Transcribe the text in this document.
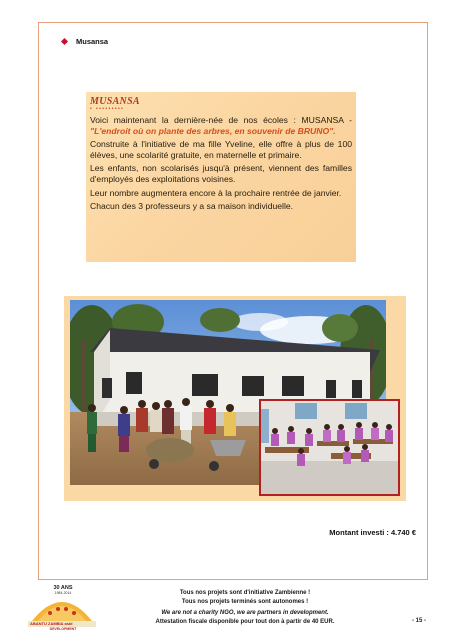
Musansa
MUSANSA
• •••••••••

Voici maintenant la dernière-née de nos écoles : MUSANSA - "L'endroit où on plante des arbres, en souvenir de BRUNO".

Construite à l'initiative de ma fille Yveline, elle offre à plus de 100 élèves, une scolarité gratuite, en maternelle et primaire.

Les enfants, non scolarisés jusqu'à présent, viennent des familles d'employés des exploitations voisines.

Leur nombre augmentera encore à la prochaire rentrée de janvier.

Chacun des 3 professeurs y a sa maison individuelle.

Montant investi : 4.740 €
30 ANS
1984-2014
ABANTU ZAMBIA asbl
DEVELOPMENT
Tous nos projets sont d'initiative Zambienne !
Tous nos projets terminés sont autonomes !
We are not a charity NGO, we are partners in development.
Attestation fiscale disponible pour tout don à partir de 40 EUR.	- 15 -
